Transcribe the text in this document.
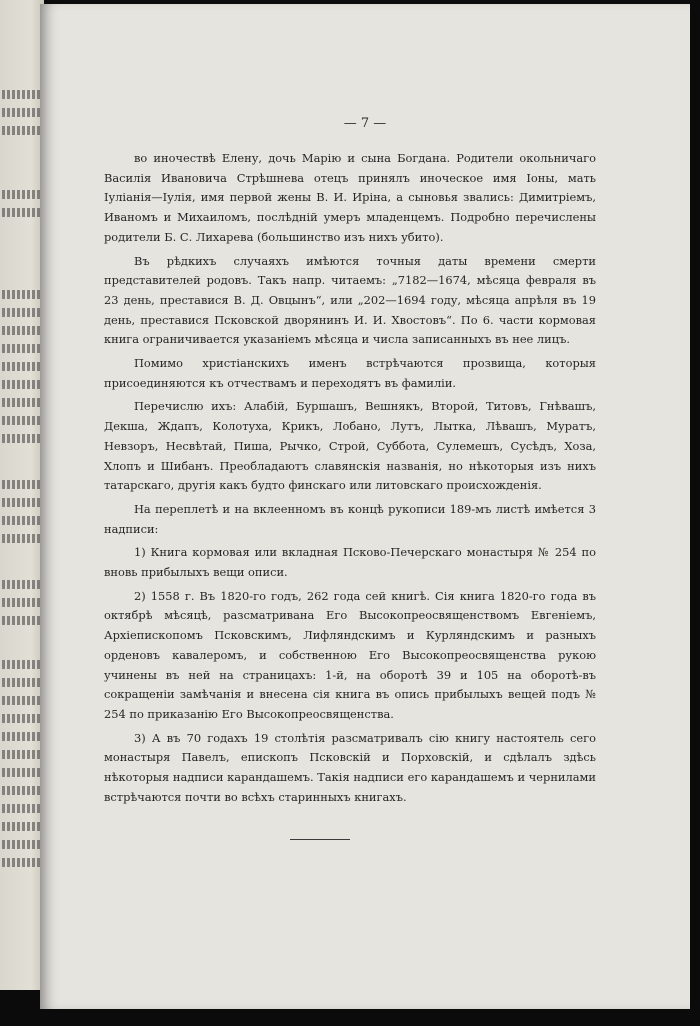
— 7 —

во иночествѣ Елену, дочь Марію и сына Богдана. Родители окольничаго Василія Ивановича Стрѣшнева отецъ принялъ иноческое имя Іоны, мать Іуліанія—Іулія, имя первой жены В. И. Иріна, а сыновья звались: Димитріемъ, Иваномъ и Михаиломъ, послѣдній умеръ младенцемъ. Подробно перечислены родители Б. С. Лихарева (большинство изъ нихъ убито).

Въ рѣдкихъ случаяхъ имѣются точныя даты времени смерти представителей родовъ. Такъ напр. читаемъ: „7182—1674, мѣсяца февраля въ 23 день, преставися В. Д. Овцынъ“, или „202—1694 году, мѣсяца апрѣля въ 19 день, преставися Псковской дворянинъ И. И. Хвостовъ“. По 6. части кормовая книга ограничивается указаніемъ мѣсяца и числа записанныхъ въ нее лицъ.

Помимо христіанскихъ именъ встрѣчаются прозвища, которыя присоединяются къ отчествамъ и переходятъ въ фамиліи.

Перечислю ихъ: Алабій, Буршашъ, Вешнякъ, Второй, Титовъ, Гнѣвашъ, Декша, Ждапъ, Колотуха, Крикъ, Лобано, Лутъ, Лытка, Лѣвашъ, Муратъ, Невзоръ, Несвѣтай, Пиша, Рычко, Строй, Суббота, Сулемешъ, Сусѣдъ, Хоза, Хлопъ и Шибанъ. Преобладаютъ славянскія названія, но нѣкоторыя изъ нихъ татарскаго, другія какъ будто финскаго или литовскаго происхожденія.

На переплетѣ и на вклеенномъ въ концѣ рукописи 189-мъ листѣ имѣется 3 надписи:

1) Книга кормовая или вкладная Псково-Печерскаго монастыря № 254 по вновь прибылыхъ вещи описи.

2) 1558 г. Въ 1820-го годъ, 262 года сей книгѣ. Сія книга 1820-го года въ октябрѣ мѣсяцѣ, разсматривана Его Высокопреосвященствомъ Евгеніемъ, Архіепископомъ Псковскимъ, Лифляндскимъ и Курляндскимъ и разныхъ орденовъ кавалеромъ, и собственною Его Высокопреосвященства рукою учинены въ ней на страницахъ: 1-й, на оборотѣ 39 и 105 на оборотѣ-въ сокращеніи замѣчанія и внесена сія книга въ опись прибылыхъ вещей подъ № 254 по приказанію Его Высокопреосвященства.

3) А въ 70 годахъ 19 столѣтія разсматривалъ сію книгу настоятель сего монастыря Павелъ, епископъ Псковскій и Порховскій, и сдѣлалъ здѣсь нѣкоторыя надписи карандашемъ. Такія надписи его карандашемъ и чернилами встрѣчаются почти во всѣхъ старинныхъ книгахъ.
